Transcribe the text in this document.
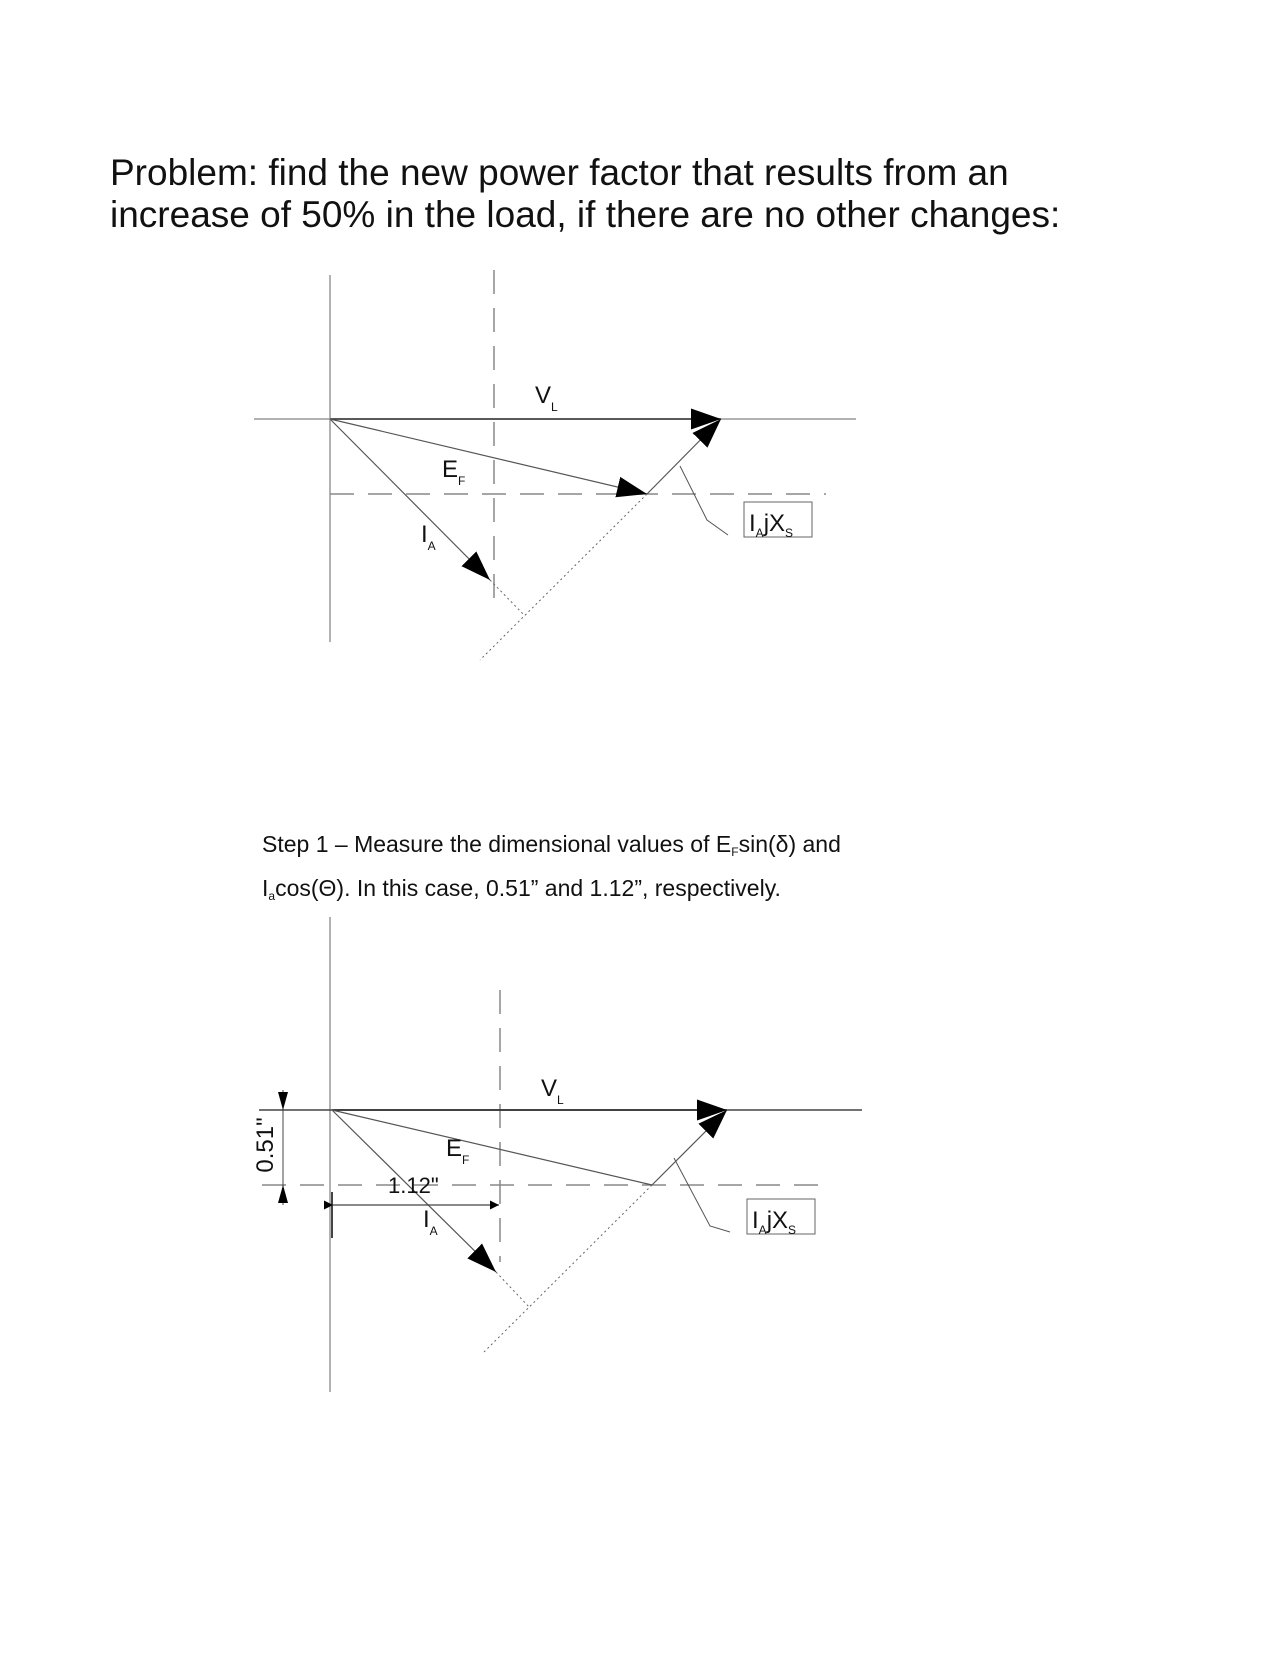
Problem: find the new power factor that results from an
increase of 50% in the load, if there are no other changes:

Step 1 – Measure the dimensional values of $E_F\sin(\delta)$ and
$I_a\cos(\Theta)$. In this case, 0.51” and 1.12”, respectively.

$V_L$
$E_F$
$I_A$
$I_AjX_S$
0.51"
1.12"
$V_L$
$E_F$
$I_A$	$I_AjX_S$
